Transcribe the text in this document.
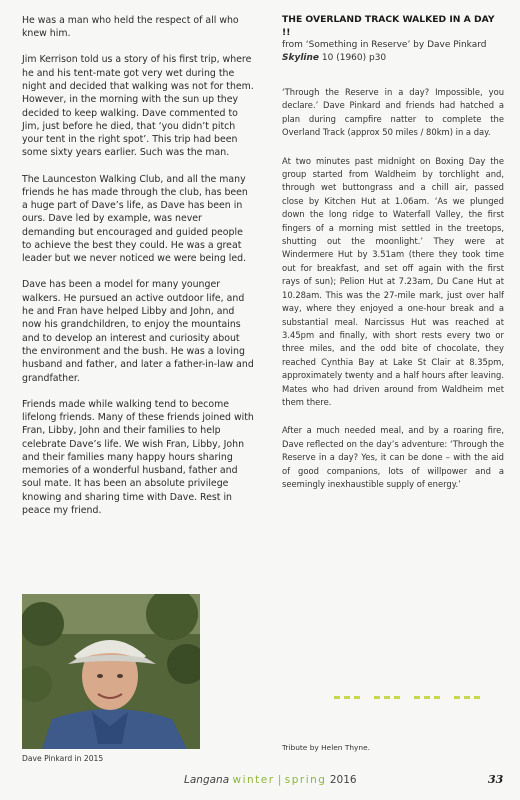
He was a man who held the respect of all who knew him.

Jim Kerrison told us a story of his first trip, where he and his tent-mate got very wet during the night and decided that walking was not for them. However, in the morning with the sun up they decided to keep walking. Dave commented to Jim, just before he died, that ‘you didn’t pitch your tent in the right spot’. This trip had been some sixty years earlier. Such was the man.

The Launceston Walking Club, and all the many friends he has made through the club, has been a huge part of Dave’s life, as Dave has been in ours. Dave led by example, was never demanding but encouraged and guided people to achieve the best they could. He was a great leader but we never noticed we were being led.

Dave has been a model for many younger walkers. He pursued an active outdoor life, and he and Fran have helped Libby and John, and now his grandchildren, to enjoy the mountains and to develop an interest and curiosity about the environment and the bush. He was a loving husband and father, and later a father-in-law and grandfather.

Friends made while walking tend to become lifelong friends. Many of these friends joined with Fran, Libby, John and their families to help celebrate Dave’s life. We wish Fran, Libby, John and their families many happy hours sharing memories of a wonderful husband, father and soul mate. It has been an absolute privilege knowing and sharing time with Dave. Rest in peace my friend.

Dave Pinkard in 2015
THE OVERLAND TRACK WALKED IN A DAY !!
from ‘Something in Reserve’ by Dave Pinkard
Skyline 10 (1960) p30

‘Through the Reserve in a day? Impossible, you declare.’ Dave Pinkard and friends had hatched a plan during campfire natter to complete the Overland Track (approx 50 miles / 80km) in a day.

At two minutes past midnight on Boxing Day the group started from Waldheim by torchlight and, through wet buttongrass and a chill air, passed close by Kitchen Hut at 1.06am. ‘As we plunged down the long ridge to Waterfall Valley, the first fingers of a morning mist settled in the treetops, shutting out the moonlight.’ They were at Windermere Hut by 3.51am (there they took time out for breakfast, and set off again with the first rays of sun); Pelion Hut at 7.23am, Du Cane Hut at 10.28am. This was the 27-mile mark, just over half way, where they enjoyed a one-hour break and a substantial meal. Narcissus Hut was reached at 3.45pm and finally, with short rests every two or three miles, and the odd bite of chocolate, they reached Cynthia Bay at Lake St Clair at 8.35pm, approximately twenty and a half hours after leaving. Mates who had driven around from Waldheim met them there.

After a much needed meal, and by a roaring fire, Dave reflected on the day’s adventure: ‘Through the Reserve in a day? Yes, it can be done – with the aid of good companions, lots of willpower and a seemingly inexhaustible supply of energy.’

Tribute by Helen Thyne.
Langana winter | spring 2016	33
